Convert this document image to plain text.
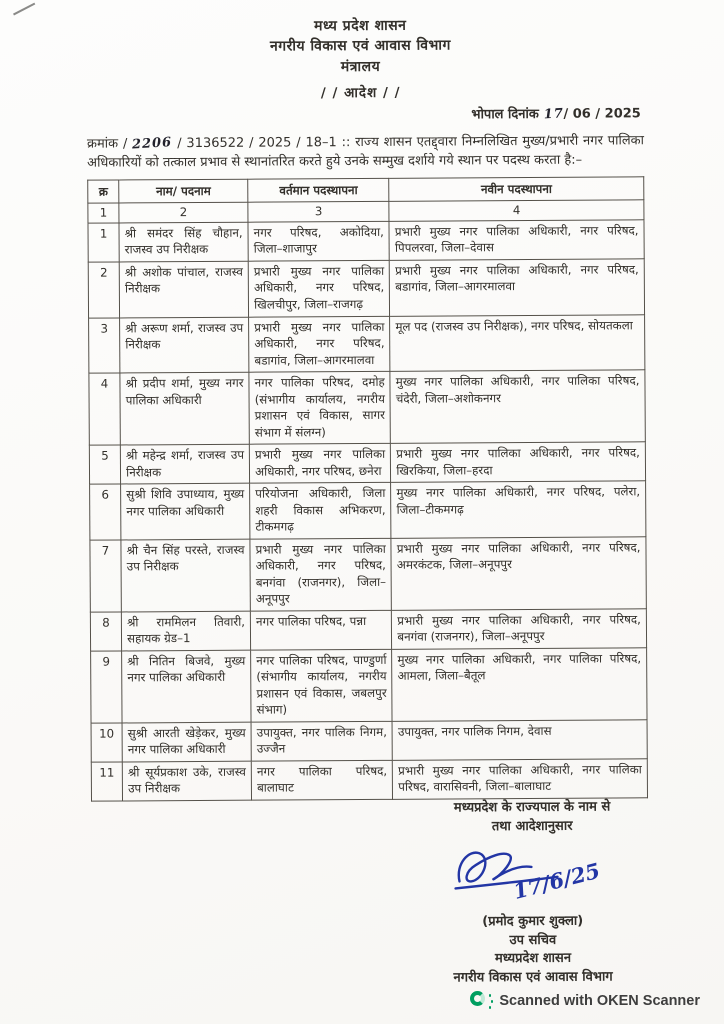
मध्य प्रदेश शासन
नगरीय विकास एवं आवास विभाग
मंत्रालय
/ / आदेश / /
भोपाल दिनांक 17/ 06 / 2025

क्रमांक / 2206 / 3136522 / 2025 / 18–1 :: राज्य शासन एतद्द्वारा निम्नलिखित मुख्य/प्रभारी नगर पालिका अधिकारियों को तत्काल प्रभाव से स्थानांतरित करते हुये उनके सम्मुख दर्शाये गये स्थान पर पदस्थ करता है:–

क्र	नाम/ पदनाम	वर्तमान पदस्थापना	नवीन पदस्थापना
1	2	3	4
1	श्री समंदर सिंह चौहान, राजस्व उप निरीक्षक	नगर परिषद, अकोदिया, जिला–शाजापुर	प्रभारी मुख्य नगर पालिका अधिकारी, नगर परिषद, पिपलरवा, जिला–देवास
2	श्री अशोक पांचाल, राजस्व निरीक्षक	प्रभारी मुख्य नगर पालिका अधिकारी, नगर परिषद, खिलचीपुर, जिला–राजगढ़	प्रभारी मुख्य नगर पालिका अधिकारी, नगर परिषद, बडागांव, जिला–आगरमालवा
3	श्री अरूण शर्मा, राजस्व उप निरीक्षक	प्रभारी मुख्य नगर पालिका अधिकारी, नगर परिषद, बडागांव, जिला–आगरमालवा	मूल पद (राजस्व उप निरीक्षक), नगर परिषद, सोयतकला
4	श्री प्रदीप शर्मा, मुख्य नगर पालिका अधिकारी	नगर पालिका परिषद, दमोह (संभागीय कार्यालय, नगरीय प्रशासन एवं विकास, सागर संभाग में संलग्न)	मुख्य नगर पालिका अधिकारी, नगर पालिका परिषद, चंदेरी, जिला–अशोकनगर
5	श्री महेन्द्र शर्मा, राजस्व उप निरीक्षक	प्रभारी मुख्य नगर पालिका अधिकारी, नगर परिषद, छनेरा	प्रभारी मुख्य नगर पालिका अधिकारी, नगर परिषद, खिरकिया, जिला–हरदा
6	सुश्री शिवि उपाध्याय, मुख्य नगर पालिका अधिकारी	परियोजना अधिकारी, जिला शहरी विकास अभिकरण, टीकमगढ़	मुख्य नगर पालिका अधिकारी, नगर परिषद, पलेरा, जिला–टीकमगढ़
7	श्री चैन सिंह परस्ते, राजस्व उप निरीक्षक	प्रभारी मुख्य नगर पालिका अधिकारी, नगर परिषद, बनगंवा (राजनगर), जिला–अनूपपुर	प्रभारी मुख्य नगर पालिका अधिकारी, नगर परिषद, अमरकंटक, जिला–अनूपपुर
8	श्री राममिलन तिवारी, सहायक ग्रेड–1	नगर पालिका परिषद, पन्ना	प्रभारी मुख्य नगर पालिका अधिकारी, नगर परिषद, बनगंवा (राजनगर), जिला–अनूपपुर
9	श्री नितिन बिजवे, मुख्य नगर पालिका अधिकारी	नगर पालिका परिषद, पाण्डुर्णा (संभागीय कार्यालय, नगरीय प्रशासन एवं विकास, जबलपुर संभाग)	मुख्य नगर पालिका अधिकारी, नगर पालिका परिषद, आमला, जिला–बैतूल
10	सुश्री आरती खेड़ेकर, मुख्य नगर पालिका अधिकारी	उपायुक्त, नगर पालिक निगम, उज्जैन	उपायुक्त, नगर पालिक निगम, देवास
11	श्री सूर्यप्रकाश उके, राजस्व उप निरीक्षक	नगर पालिका परिषद, बालाघाट	प्रभारी मुख्य नगर पालिका अधिकारी, नगर पालिका परिषद, वारासिवनी, जिला–बालाघाट
मध्यप्रदेश के राज्यपाल के नाम से
तथा आदेशानुसार
17/6/25
(प्रमोद कुमार शुक्ला)
उप सचिव
मध्यप्रदेश शासन
नगरीय विकास एवं आवास विभाग
Scanned with OKEN Scanner
